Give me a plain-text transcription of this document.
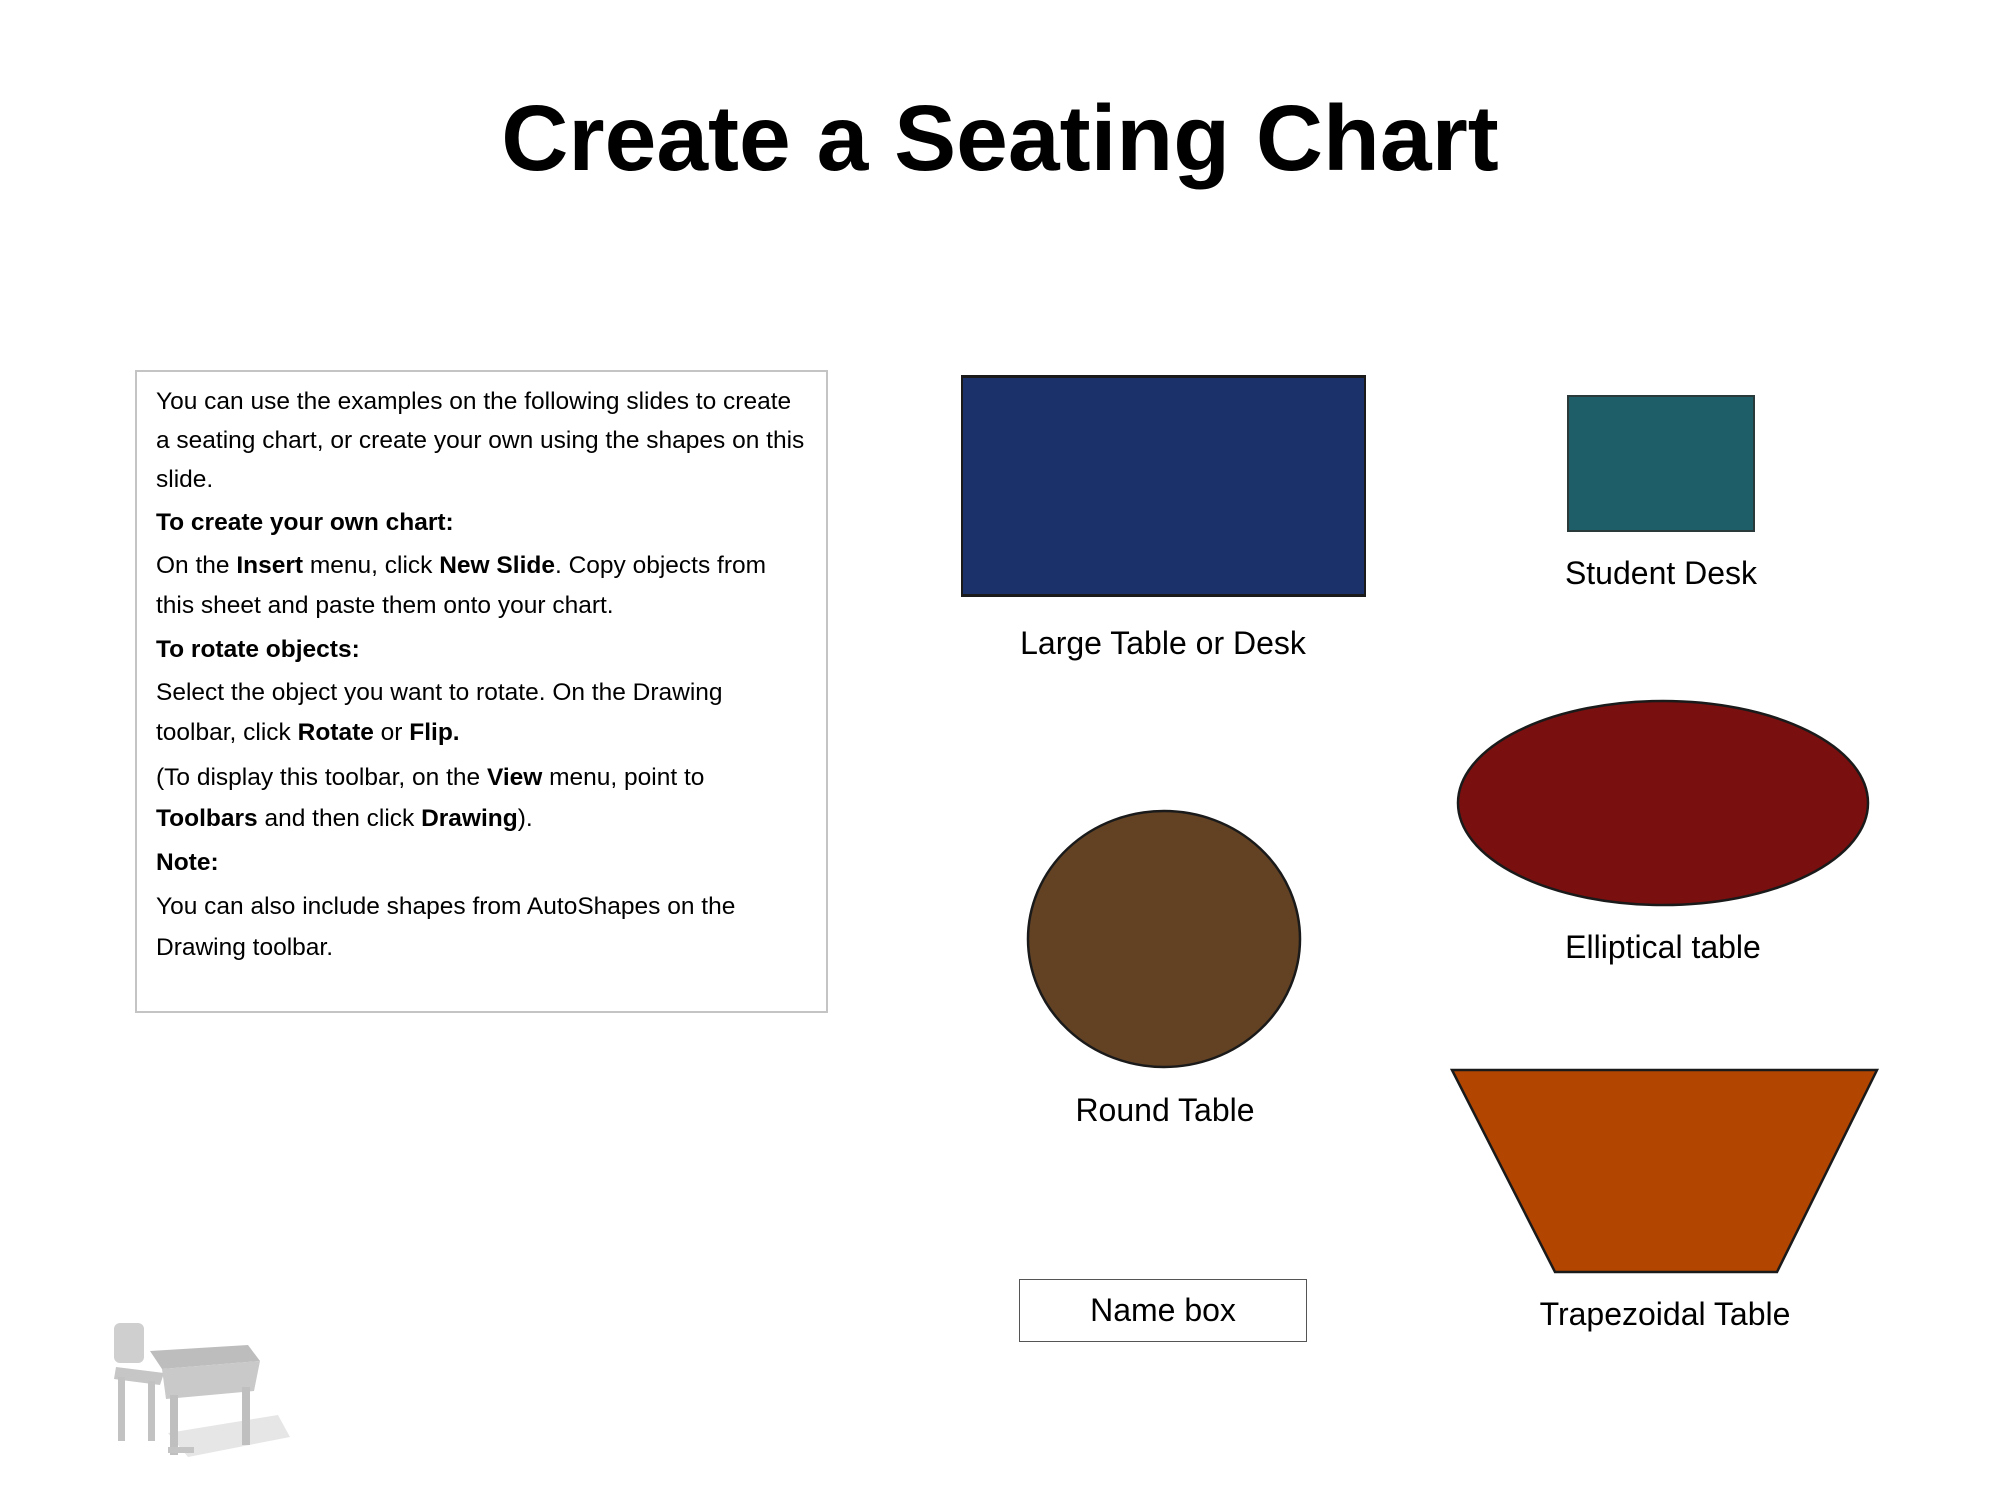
Create a Seating Chart

You can use the examples on the following slides to create a seating chart, or create your own using the shapes on this slide.

To create your own chart:

On the Insert menu, click New Slide. Copy objects from this sheet and paste them onto your chart.

To rotate objects:

Select the object you want to rotate. On the Drawing toolbar, click Rotate or Flip.

(To display this toolbar, on the View menu, point to Toolbars and then click Drawing).

Note:

You can also include shapes from AutoShapes on the Drawing toolbar.

Large Table or Desk
Student Desk
Elliptical table
Round Table
Trapezoidal Table
Name box
